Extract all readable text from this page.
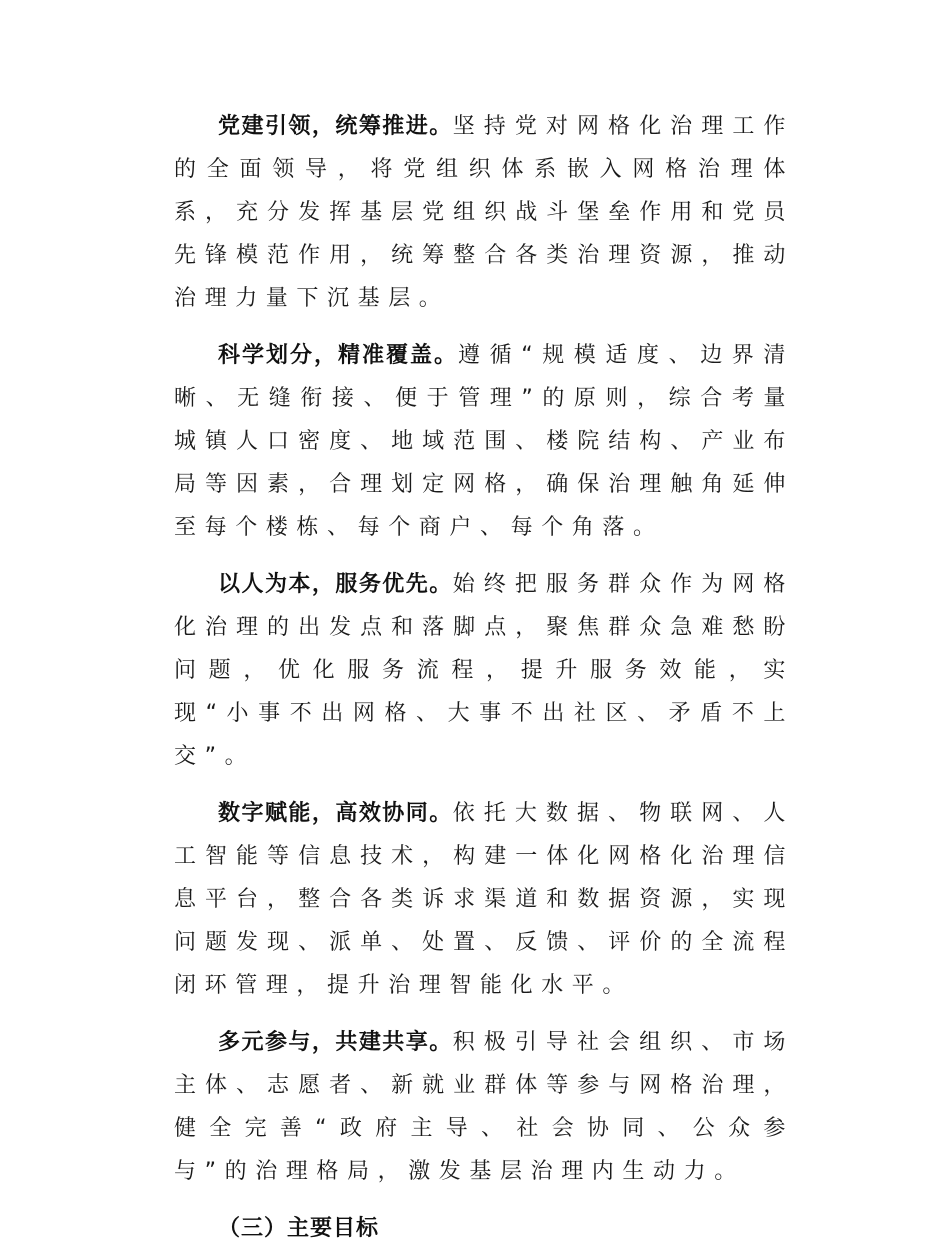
党建引领，统筹推进。坚持党对网格化治理工作的全面领导，将党组织体系嵌入网格治理体系，充分发挥基层党组织战斗堡垒作用和党员先锋模范作用，统筹整合各类治理资源，推动治理力量下沉基层。

科学划分，精准覆盖。遵循“规模适度、边界清晰、无缝衔接、便于管理”的原则，综合考量城镇人口密度、地域范围、楼院结构、产业布局等因素，合理划定网格，确保治理触角延伸至每个楼栋、每个商户、每个角落。

以人为本，服务优先。始终把服务群众作为网格化治理的出发点和落脚点，聚焦群众急难愁盼问题，优化服务流程，提升服务效能，实现“小事不出网格、大事不出社区、矛盾不上交”。

数字赋能，高效协同。依托大数据、物联网、人工智能等信息技术，构建一体化网格化治理信息平台，整合各类诉求渠道和数据资源，实现问题发现、派单、处置、反馈、评价的全流程闭环管理，提升治理智能化水平。

多元参与，共建共享。积极引导社会组织、市场主体、志愿者、新就业群体等参与网格治理，健全完善“政府主导、社会协同、公众参与”的治理格局，激发基层治理内生动力。

（三）主要目标
